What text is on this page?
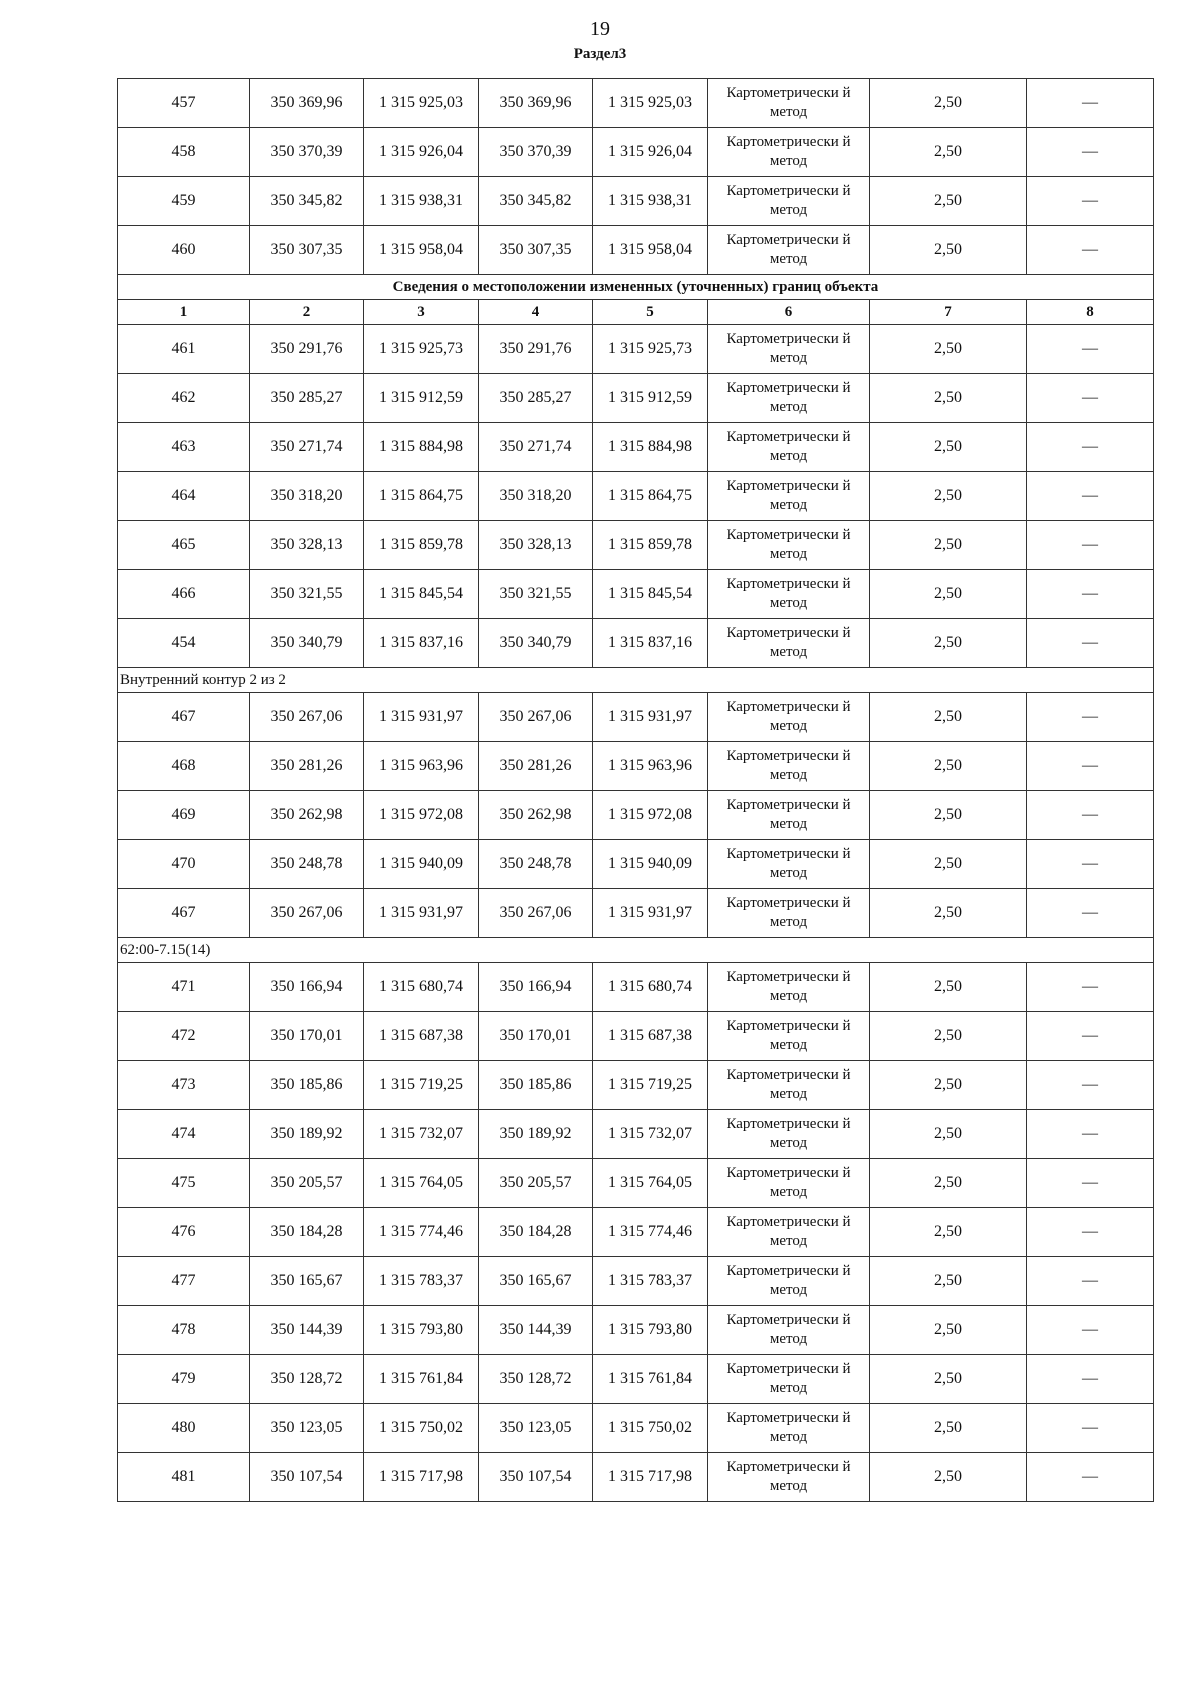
19
Раздел3
457	350 369,96	1 315 925,03	350 369,96	1 315 925,03	Картометрически й метод	2,50	—
458	350 370,39	1 315 926,04	350 370,39	1 315 926,04	Картометрически й метод	2,50	—
459	350 345,82	1 315 938,31	350 345,82	1 315 938,31	Картометрически й метод	2,50	—
460	350 307,35	1 315 958,04	350 307,35	1 315 958,04	Картометрически й метод	2,50	—
Сведения о местоположении измененных (уточненных) границ объекта							
1	2	3	4	5	6	7	8
461	350 291,76	1 315 925,73	350 291,76	1 315 925,73	Картометрически й метод	2,50	—
462	350 285,27	1 315 912,59	350 285,27	1 315 912,59	Картометрически й метод	2,50	—
463	350 271,74	1 315 884,98	350 271,74	1 315 884,98	Картометрически й метод	2,50	—
464	350 318,20	1 315 864,75	350 318,20	1 315 864,75	Картометрически й метод	2,50	—
465	350 328,13	1 315 859,78	350 328,13	1 315 859,78	Картометрически й метод	2,50	—
466	350 321,55	1 315 845,54	350 321,55	1 315 845,54	Картометрически й метод	2,50	—
454	350 340,79	1 315 837,16	350 340,79	1 315 837,16	Картометрически й метод	2,50	—
Внутренний контур 2 из 2							
467	350 267,06	1 315 931,97	350 267,06	1 315 931,97	Картометрически й метод	2,50	—
468	350 281,26	1 315 963,96	350 281,26	1 315 963,96	Картометрически й метод	2,50	—
469	350 262,98	1 315 972,08	350 262,98	1 315 972,08	Картометрически й метод	2,50	—
470	350 248,78	1 315 940,09	350 248,78	1 315 940,09	Картометрически й метод	2,50	—
467	350 267,06	1 315 931,97	350 267,06	1 315 931,97	Картометрически й метод	2,50	—
62:00-7.15(14)							
471	350 166,94	1 315 680,74	350 166,94	1 315 680,74	Картометрически й метод	2,50	—
472	350 170,01	1 315 687,38	350 170,01	1 315 687,38	Картометрически й метод	2,50	—
473	350 185,86	1 315 719,25	350 185,86	1 315 719,25	Картометрически й метод	2,50	—
474	350 189,92	1 315 732,07	350 189,92	1 315 732,07	Картометрически й метод	2,50	—
475	350 205,57	1 315 764,05	350 205,57	1 315 764,05	Картометрически й метод	2,50	—
476	350 184,28	1 315 774,46	350 184,28	1 315 774,46	Картометрически й метод	2,50	—
477	350 165,67	1 315 783,37	350 165,67	1 315 783,37	Картометрически й метод	2,50	—
478	350 144,39	1 315 793,80	350 144,39	1 315 793,80	Картометрически й метод	2,50	—
479	350 128,72	1 315 761,84	350 128,72	1 315 761,84	Картометрически й метод	2,50	—
480	350 123,05	1 315 750,02	350 123,05	1 315 750,02	Картометрически й метод	2,50	—
481	350 107,54	1 315 717,98	350 107,54	1 315 717,98	Картометрически й метод	2,50	—
